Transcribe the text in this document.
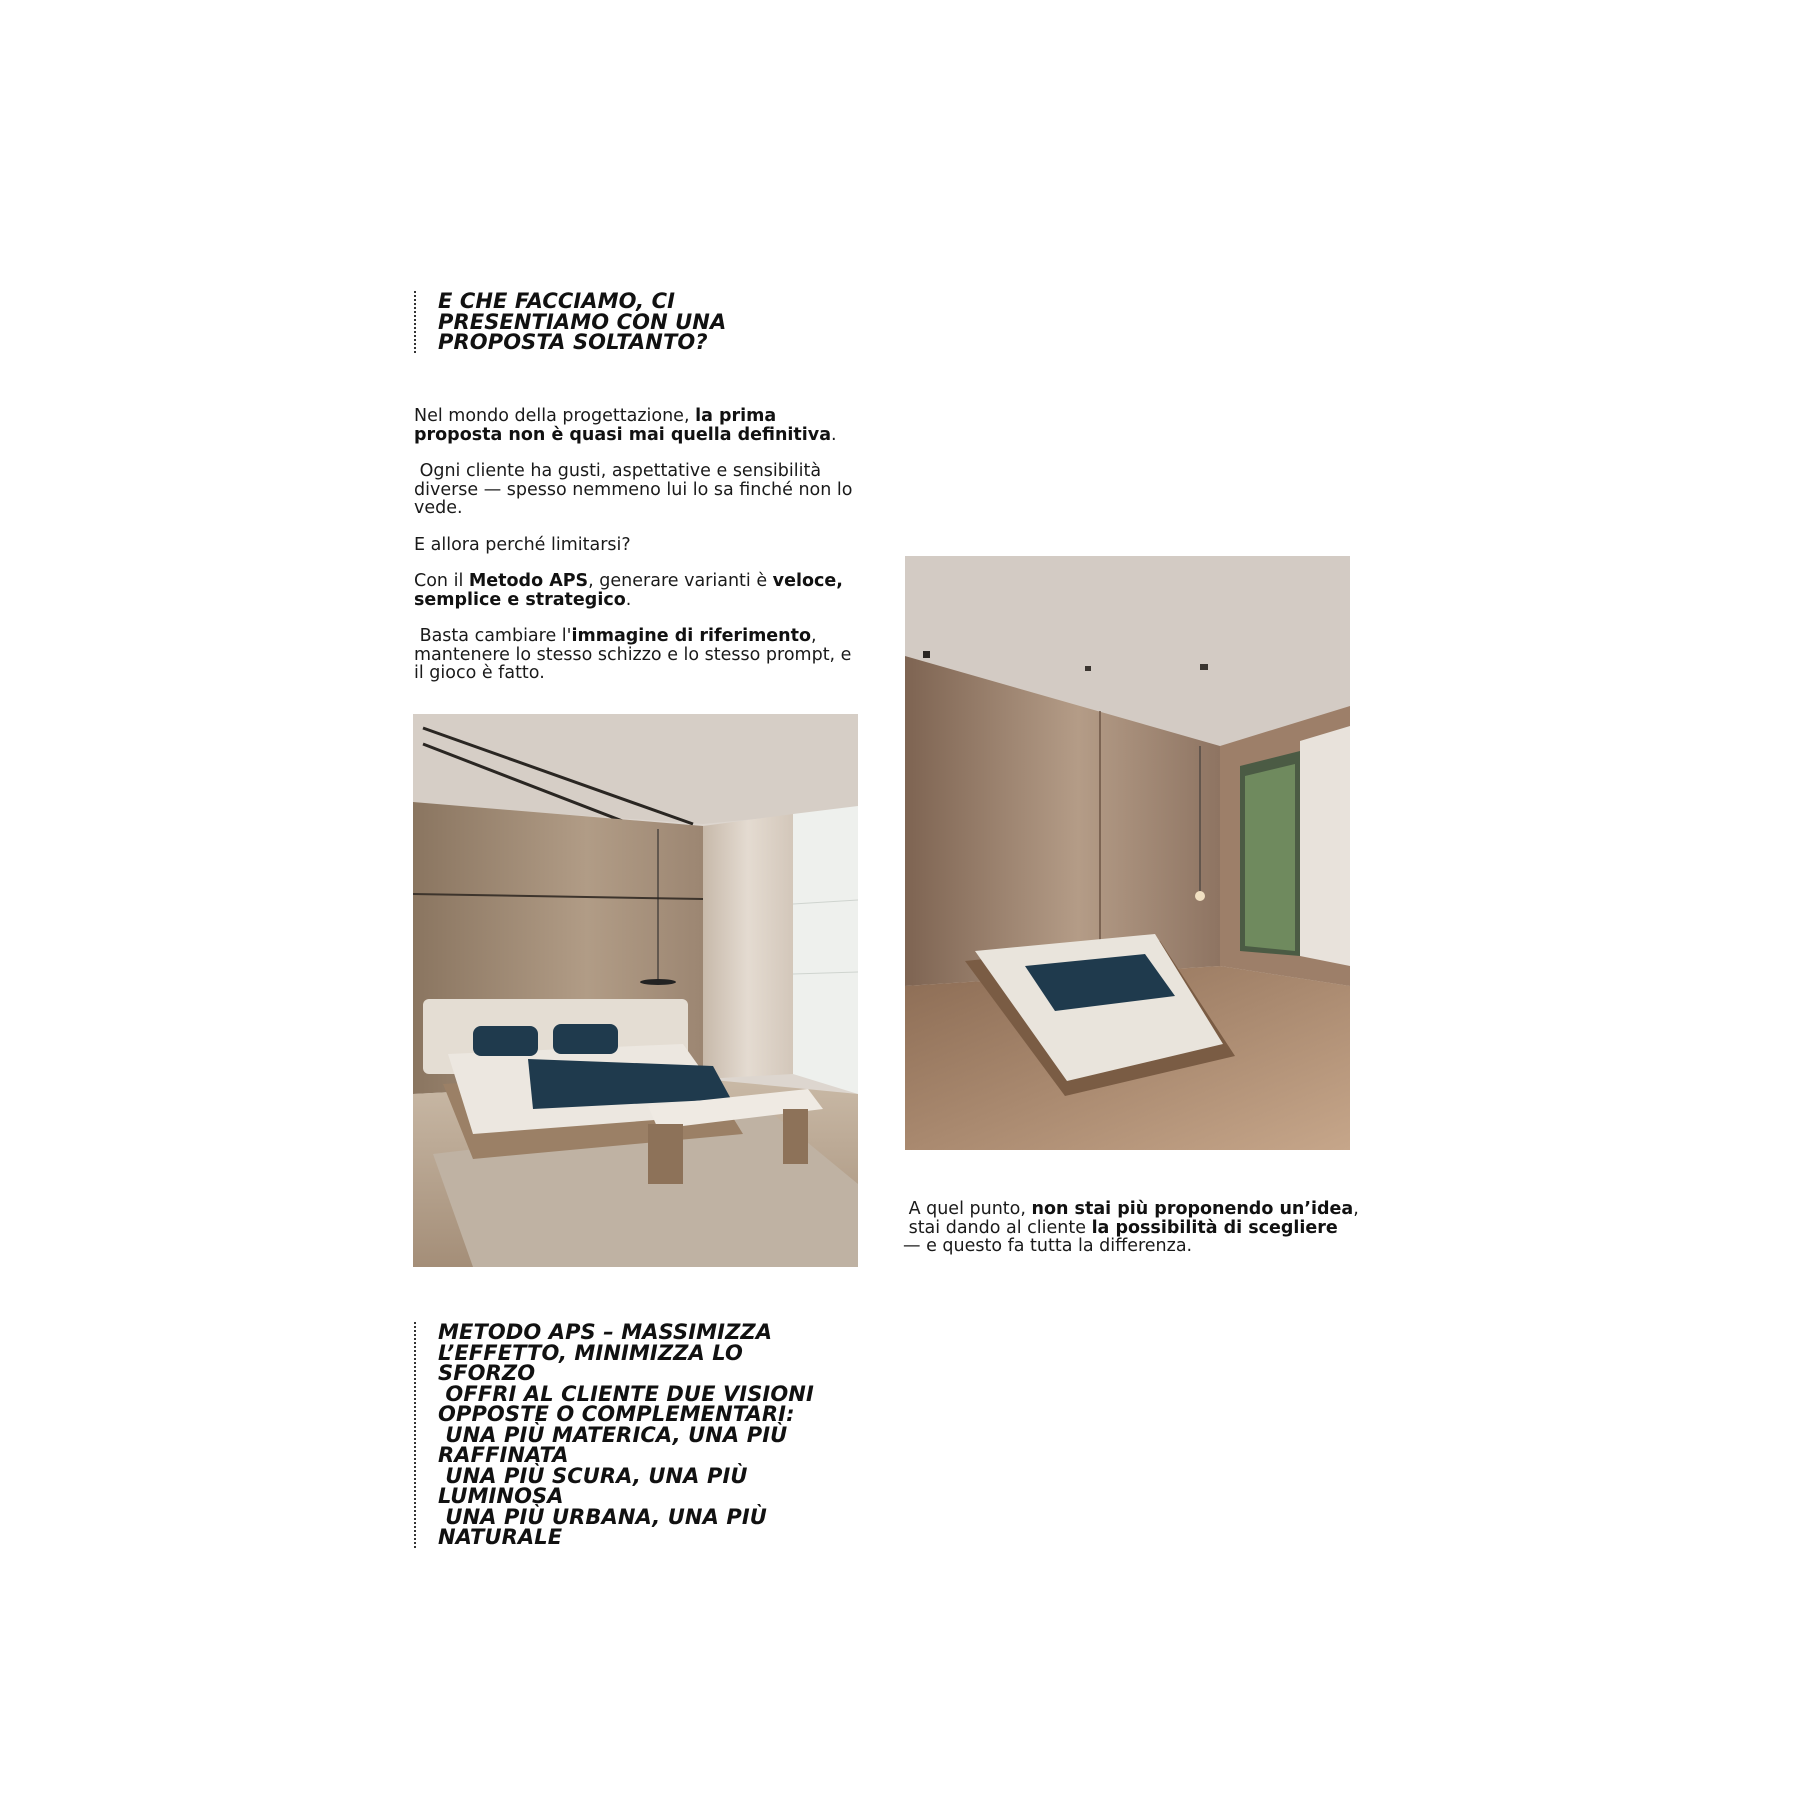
E CHE FACCIAMO, CI
PRESENTIAMO CON UNA
PROPOSTA SOLTANTO?

Nel mondo della progettazione, la prima proposta non è quasi mai quella definitiva.

Ogni cliente ha gusti, aspettative e sensibilità diverse — spesso nemmeno lui lo sa finché non lo vede.

E allora perché limitarsi?

Con il Metodo APS, generare varianti è veloce, semplice e strategico.

Basta cambiare l'immagine di riferimento, mantenere lo stesso schizzo e lo stesso prompt, e il gioco è fatto.

A quel punto, non stai più proponendo un’idea,
stai dando al cliente la possibilità di scegliere
— e questo fa tutta la differenza.

METODO APS – MASSIMIZZA
L’EFFETTO, MINIMIZZA LO
SFORZO
OFFRI AL CLIENTE DUE VISIONI
OPPOSTE O COMPLEMENTARI:
UNA PIÙ MATERICA, UNA PIÙ
RAFFINATA
UNA PIÙ SCURA, UNA PIÙ
LUMINOSA
UNA PIÙ URBANA, UNA PIÙ
NATURALE
